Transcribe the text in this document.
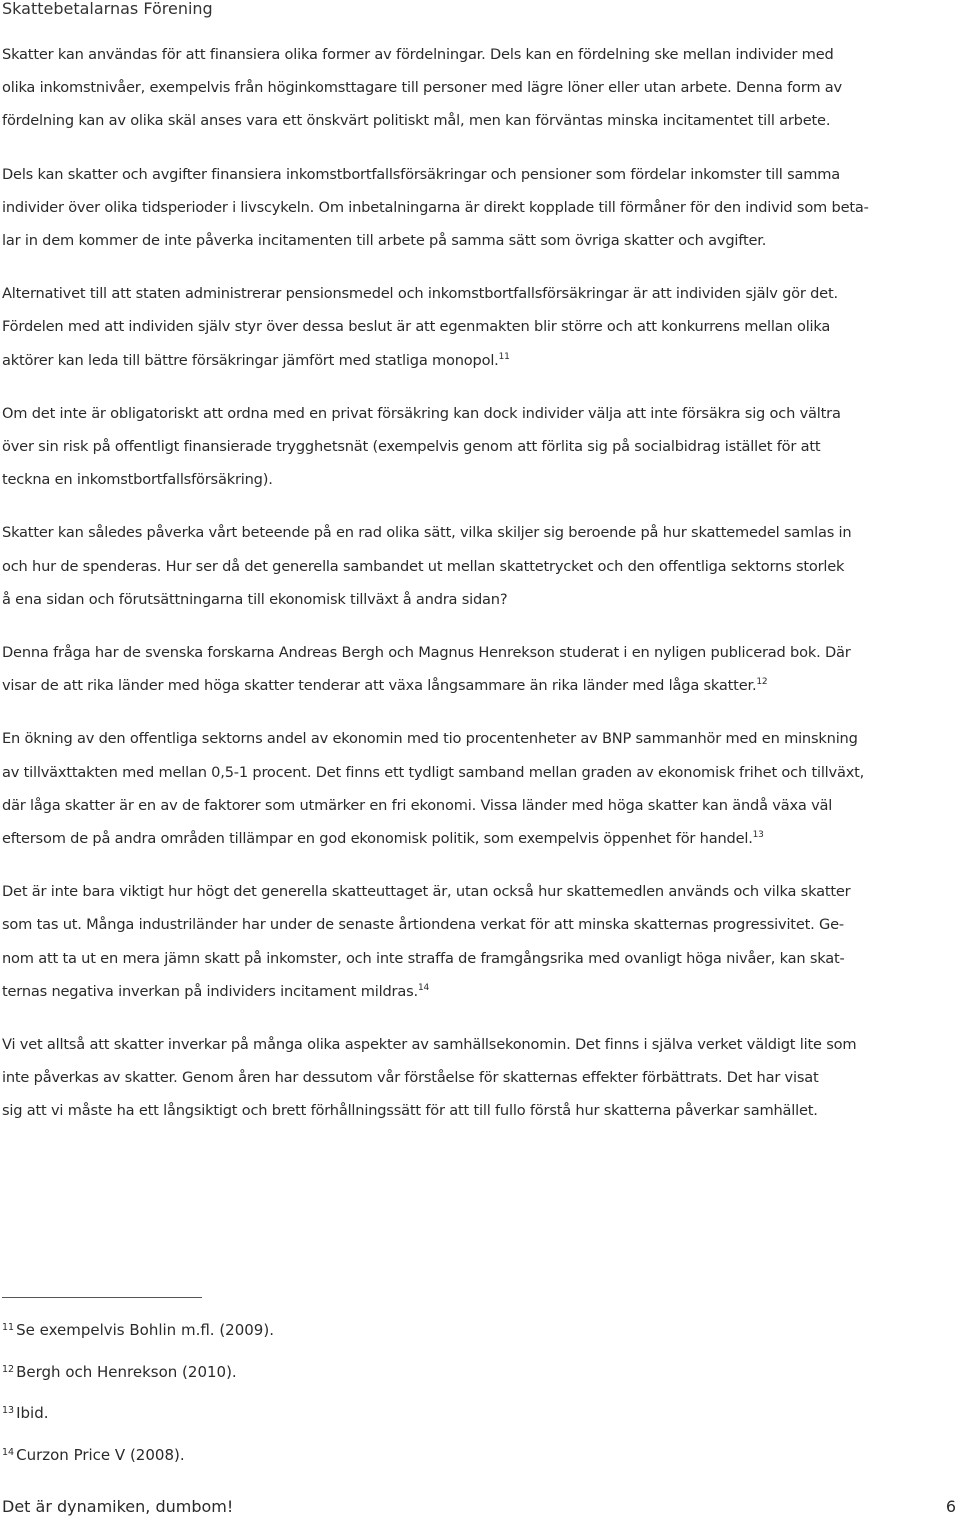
Skattebetalarnas Förening

Skatter kan användas för att finansiera olika former av fördelningar. Dels kan en fördelning ske mellan individer med
olika inkomstnivåer, exempelvis från höginkomsttagare till personer med lägre löner eller utan arbete. Denna form av
fördelning kan av olika skäl anses vara ett önskvärt politiskt mål, men kan förväntas minska incitamentet till arbete.

Dels kan skatter och avgifter finansiera inkomstbortfallsförsäkringar och pensioner som fördelar inkomster till samma
individer över olika tidsperioder i livscykeln. Om inbetalningarna är direkt kopplade till förmåner för den individ som beta-
lar in dem kommer de inte påverka incitamenten till arbete på samma sätt som övriga skatter och avgifter.

Alternativet till att staten administrerar pensionsmedel och inkomstbortfallsförsäkringar är att individen själv gör det.
Fördelen med att individen själv styr över dessa beslut är att egenmakten blir större och att konkurrens mellan olika
aktörer kan leda till bättre försäkringar jämfört med statliga monopol.$^{11}$

Om det inte är obligatoriskt att ordna med en privat försäkring kan dock individer välja att inte försäkra sig och vältra
över sin risk på offentligt finansierade trygghetsnät (exempelvis genom att förlita sig på socialbidrag istället för att
teckna en inkomstbortfallsförsäkring).

Skatter kan således påverka vårt beteende på en rad olika sätt, vilka skiljer sig beroende på hur skattemedel samlas in
och hur de spenderas. Hur ser då det generella sambandet ut mellan skattetrycket och den offentliga sektorns storlek
å ena sidan och förutsättningarna till ekonomisk tillväxt å andra sidan?

Denna fråga har de svenska forskarna Andreas Bergh och Magnus Henrekson studerat i en nyligen publicerad bok. Där
visar de att rika länder med höga skatter tenderar att växa långsammare än rika länder med låga skatter.$^{12}$

En ökning av den offentliga sektorns andel av ekonomin med tio procentenheter av BNP sammanhör med en minskning
av tillväxttakten med mellan 0,5-1 procent. Det finns ett tydligt samband mellan graden av ekonomisk frihet och tillväxt,
där låga skatter är en av de faktorer som utmärker en fri ekonomi. Vissa länder med höga skatter kan ändå växa väl
eftersom de på andra områden tillämpar en god ekonomisk politik, som exempelvis öppenhet för handel.$^{13}$

Det är inte bara viktigt hur högt det generella skatteuttaget är, utan också hur skattemedlen används och vilka skatter
som tas ut. Många industriländer har under de senaste årtiondena verkat för att minska skatternas progressivitet. Ge-
nom att ta ut en mera jämn skatt på inkomster, och inte straffa de framgångsrika med ovanligt höga nivåer, kan skat-
ternas negativa inverkan på individers incitament mildras.$^{14}$

Vi vet alltså att skatter inverkar på många olika aspekter av samhällsekonomin. Det finns i själva verket väldigt lite som
inte påverkas av skatter. Genom åren har dessutom vår förståelse för skatternas effekter förbättrats. Det har visat
sig att vi måste ha ett långsiktigt och brett förhållningssätt för att till fullo förstå hur skatterna påverkar samhället.

$^{11}$ Se exempelvis Bohlin m.fl. (2009).
$^{12}$ Bergh och Henrekson (2010).
$^{13}$ Ibid.
$^{14}$ Curzon Price V (2008).
Det är dynamiken, dumbom!	6
